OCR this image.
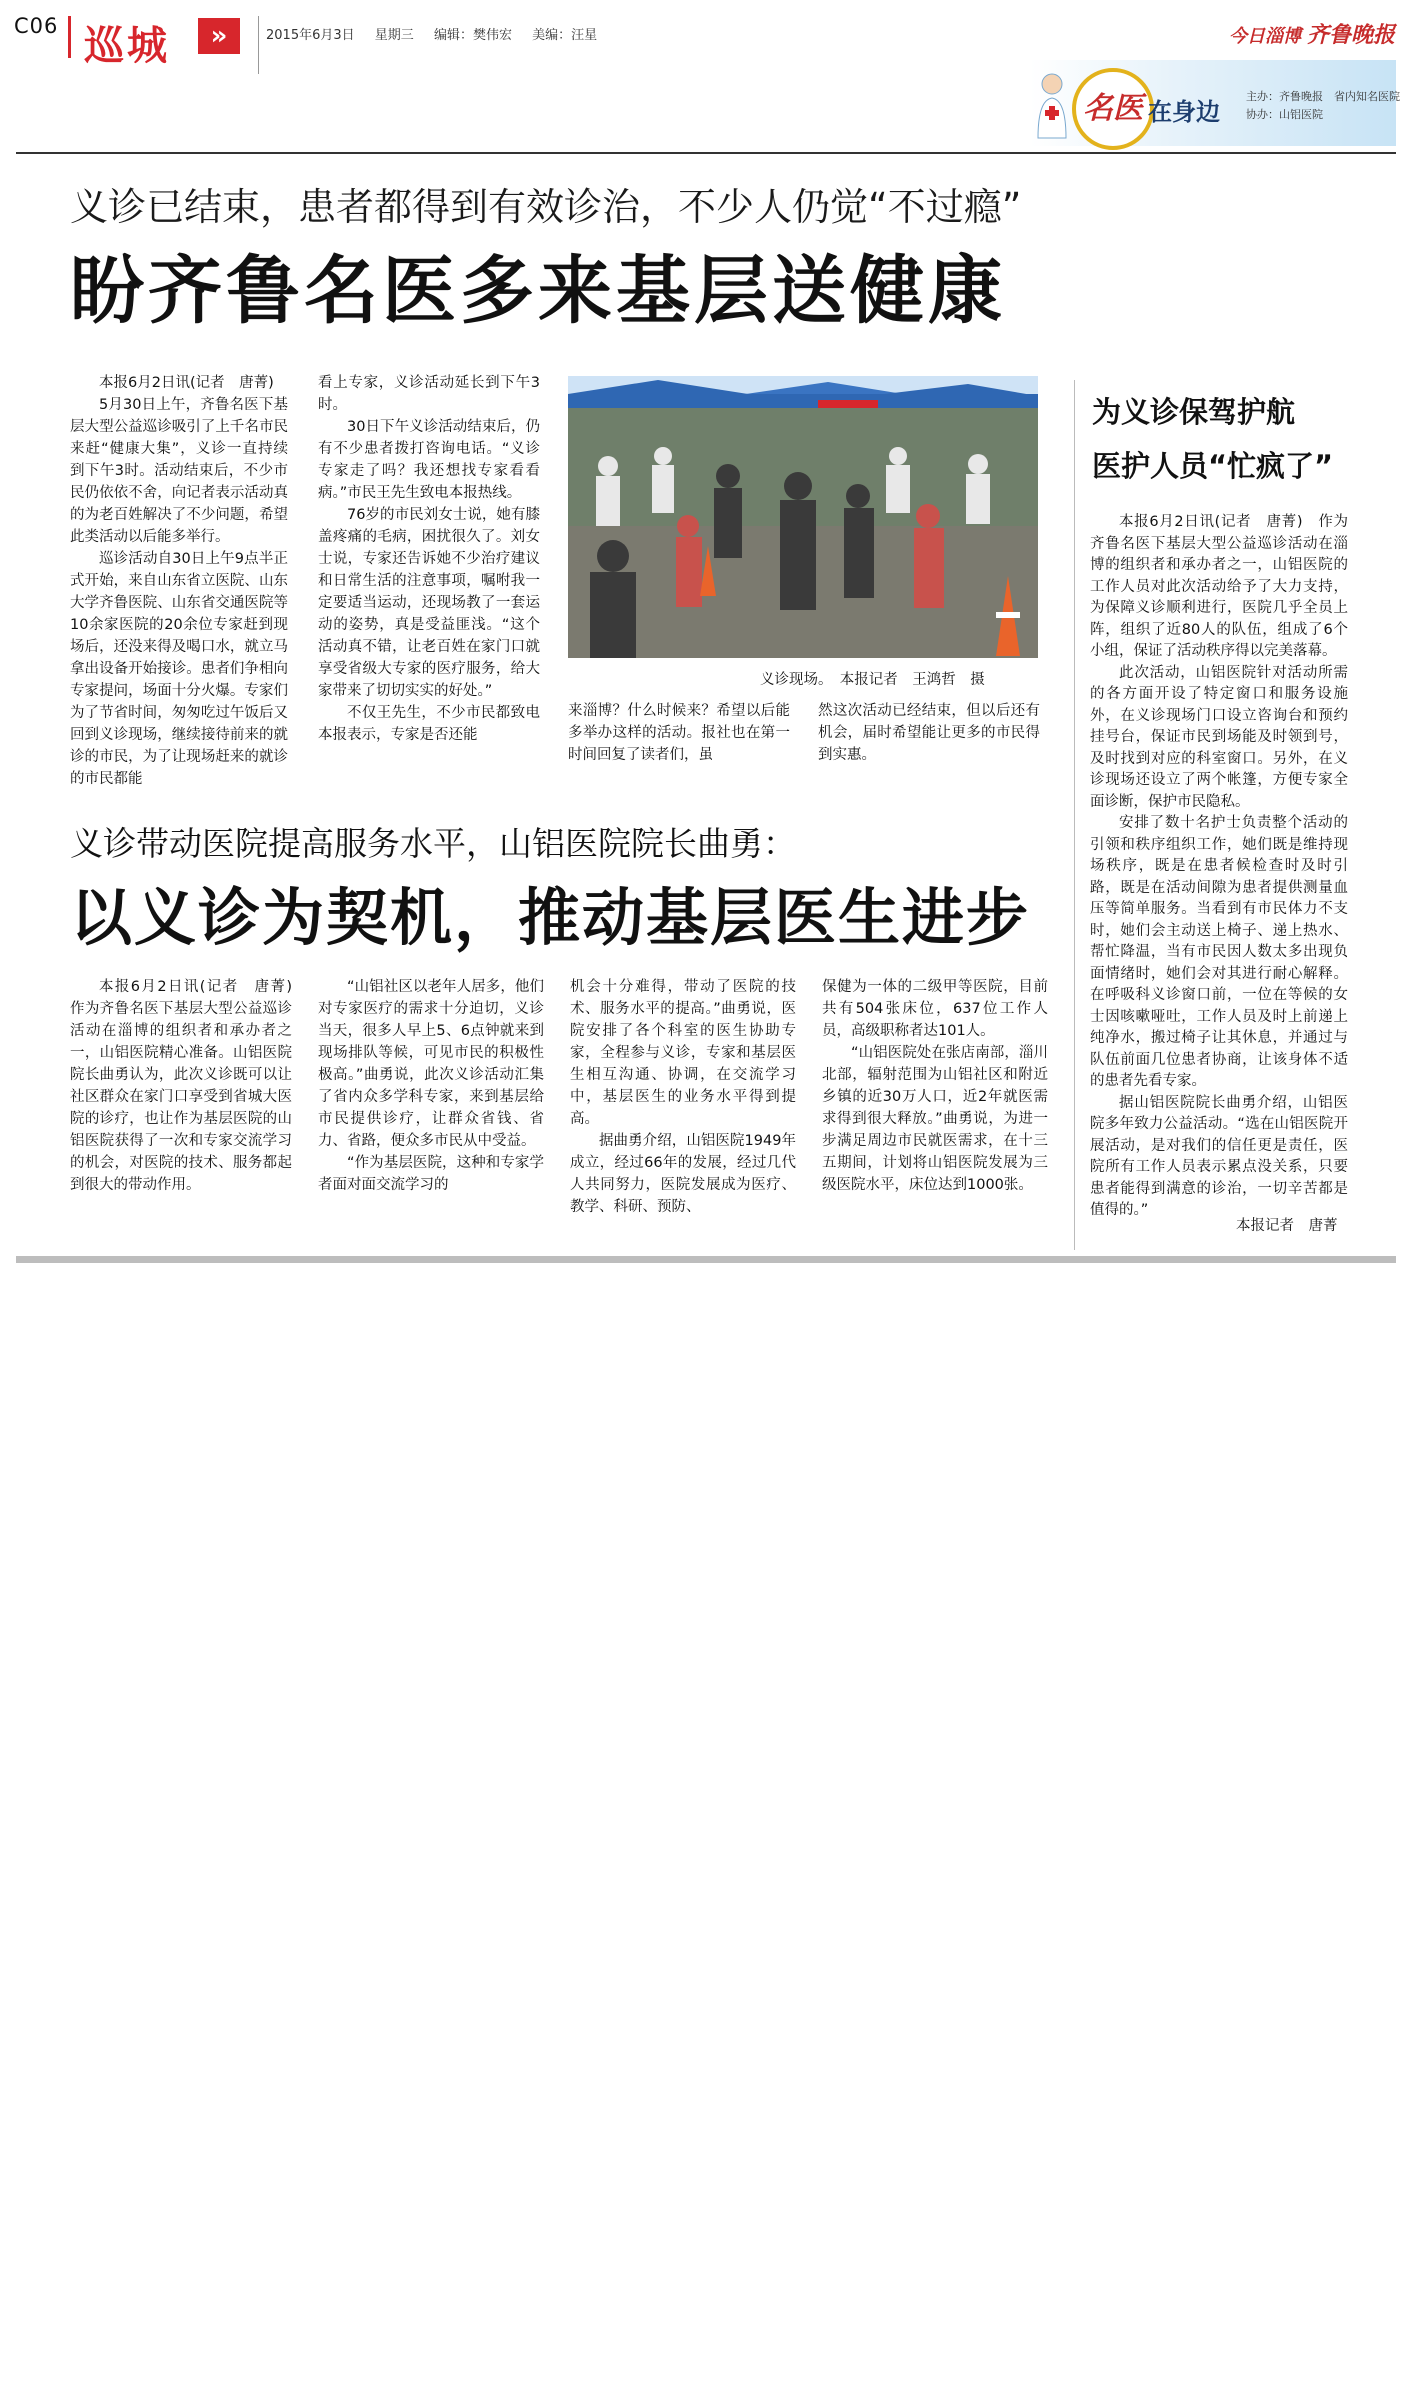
C06 巡城	»	2015年6月3日 星期三 编辑：樊伟宏 美编：汪星	今日淄博 齐鲁晚报
名医 在身边
主办：齐鲁晚报　省内知名医院
协办：山铝医院
义诊已结束，患者都得到有效诊治，不少人仍觉“不过瘾”
盼齐鲁名医多来基层送健康

本报6月2日讯(记者　唐菁)

5月30日上午，齐鲁名医下基层大型公益巡诊吸引了上千名市民来赶“健康大集”，义诊一直持续到下午3时。活动结束后，不少市民仍依依不舍，向记者表示活动真的为老百姓解决了不少问题，希望此类活动以后能多举行。

巡诊活动自30日上午9点半正式开始，来自山东省立医院、山东大学齐鲁医院、山东省交通医院等10余家医院的20余位专家赶到现场后，还没来得及喝口水，就立马拿出设备开始接诊。患者们争相向专家提问，场面十分火爆。专家们为了节省时间，匆匆吃过午饭后又回到义诊现场，继续接待前来的就诊的市民，为了让现场赶来的就诊的市民都能

看上专家，义诊活动延长到下午3时。

30日下午义诊活动结束后，仍有不少患者拨打咨询电话。“义诊专家走了吗？我还想找专家看看病。”市民王先生致电本报热线。

76岁的市民刘女士说，她有膝盖疼痛的毛病，困扰很久了。刘女士说，专家还告诉她不少治疗建议和日常生活的注意事项，嘱咐我一定要适当运动，还现场教了一套运动的姿势，真是受益匪浅。“这个活动真不错，让老百姓在家门口就享受省级大专家的医疗服务，给大家带来了切切实实的好处。”

不仅王先生，不少市民都致电本报表示，专家是否还能

义诊现场。　本报记者　王鸿哲　摄

来淄博？什么时候来？希望以后能多举办这样的活动。报社也在第一时间回复了读者们，虽

然这次活动已经结束，但以后还有机会，届时希望能让更多的市民得到实惠。

为义诊保驾护航
医护人员“忙疯了”

本报6月2日讯(记者　唐菁)　作为齐鲁名医下基层大型公益巡诊活动在淄博的组织者和承办者之一，山铝医院的工作人员对此次活动给予了大力支持，为保障义诊顺利进行，医院几乎全员上阵，组织了近80人的队伍，组成了6个小组，保证了活动秩序得以完美落幕。

此次活动，山铝医院针对活动所需的各方面开设了特定窗口和服务设施外，在义诊现场门口设立咨询台和预约挂号台，保证市民到场能及时领到号，及时找到对应的科室窗口。另外，在义诊现场还设立了两个帐篷，方便专家全面诊断，保护市民隐私。

安排了数十名护士负责整个活动的引领和秩序组织工作，她们既是维持现场秩序，既是在患者候检查时及时引路，既是在活动间隙为患者提供测量血压等简单服务。当看到有市民体力不支时，她们会主动送上椅子、递上热水、帮忙降温，当有市民因人数太多出现负面情绪时，她们会对其进行耐心解释。在呼吸科义诊窗口前，一位在等候的女士因咳嗽哑吐，工作人员及时上前递上纯净水，搬过椅子让其休息，并通过与队伍前面几位患者协商，让该身体不适的患者先看专家。

据山铝医院院长曲勇介绍，山铝医院多年致力公益活动。“选在山铝医院开展活动，是对我们的信任更是责任，医院所有工作人员表示累点没关系，只要患者能得到满意的诊治，一切辛苦都是值得的。”

本报记者　唐菁
义诊带动医院提高服务水平，山铝医院院长曲勇：
以义诊为契机，推动基层医生进步

本报6月2日讯(记者　唐菁)　作为齐鲁名医下基层大型公益巡诊活动在淄博的组织者和承办者之一，山铝医院精心准备。山铝医院院长曲勇认为，此次义诊既可以让社区群众在家门口享受到省城大医院的诊疗，也让作为基层医院的山铝医院获得了一次和专家交流学习的机会，对医院的技术、服务都起到很大的带动作用。

“山铝社区以老年人居多，他们对专家医疗的需求十分迫切，义诊当天，很多人早上5、6点钟就来到现场排队等候，可见市民的积极性极高。”曲勇说，此次义诊活动汇集了省内众多学科专家，来到基层给市民提供诊疗，让群众省钱、省力、省路，便众多市民从中受益。

“作为基层医院，这种和专家学者面对面交流学习的

机会十分难得，带动了医院的技术、服务水平的提高。”曲勇说，医院安排了各个科室的医生协助专家，全程参与义诊，专家和基层医生相互沟通、协调，在交流学习中，基层医生的业务水平得到提高。

据曲勇介绍，山铝医院1949年成立，经过66年的发展，经过几代人共同努力，医院发展成为医疗、教学、科研、预防、

保健为一体的二级甲等医院，目前共有504张床位，637位工作人员，高级职称者达101人。

“山铝医院处在张店南部，淄川北部，辐射范围为山铝社区和附近乡镇的近30万人口，近2年就医需求得到很大释放。”曲勇说，为进一步满足周边市民就医需求，在十三五期间，计划将山铝医院发展为三级医院水平，床位达到1000张。
